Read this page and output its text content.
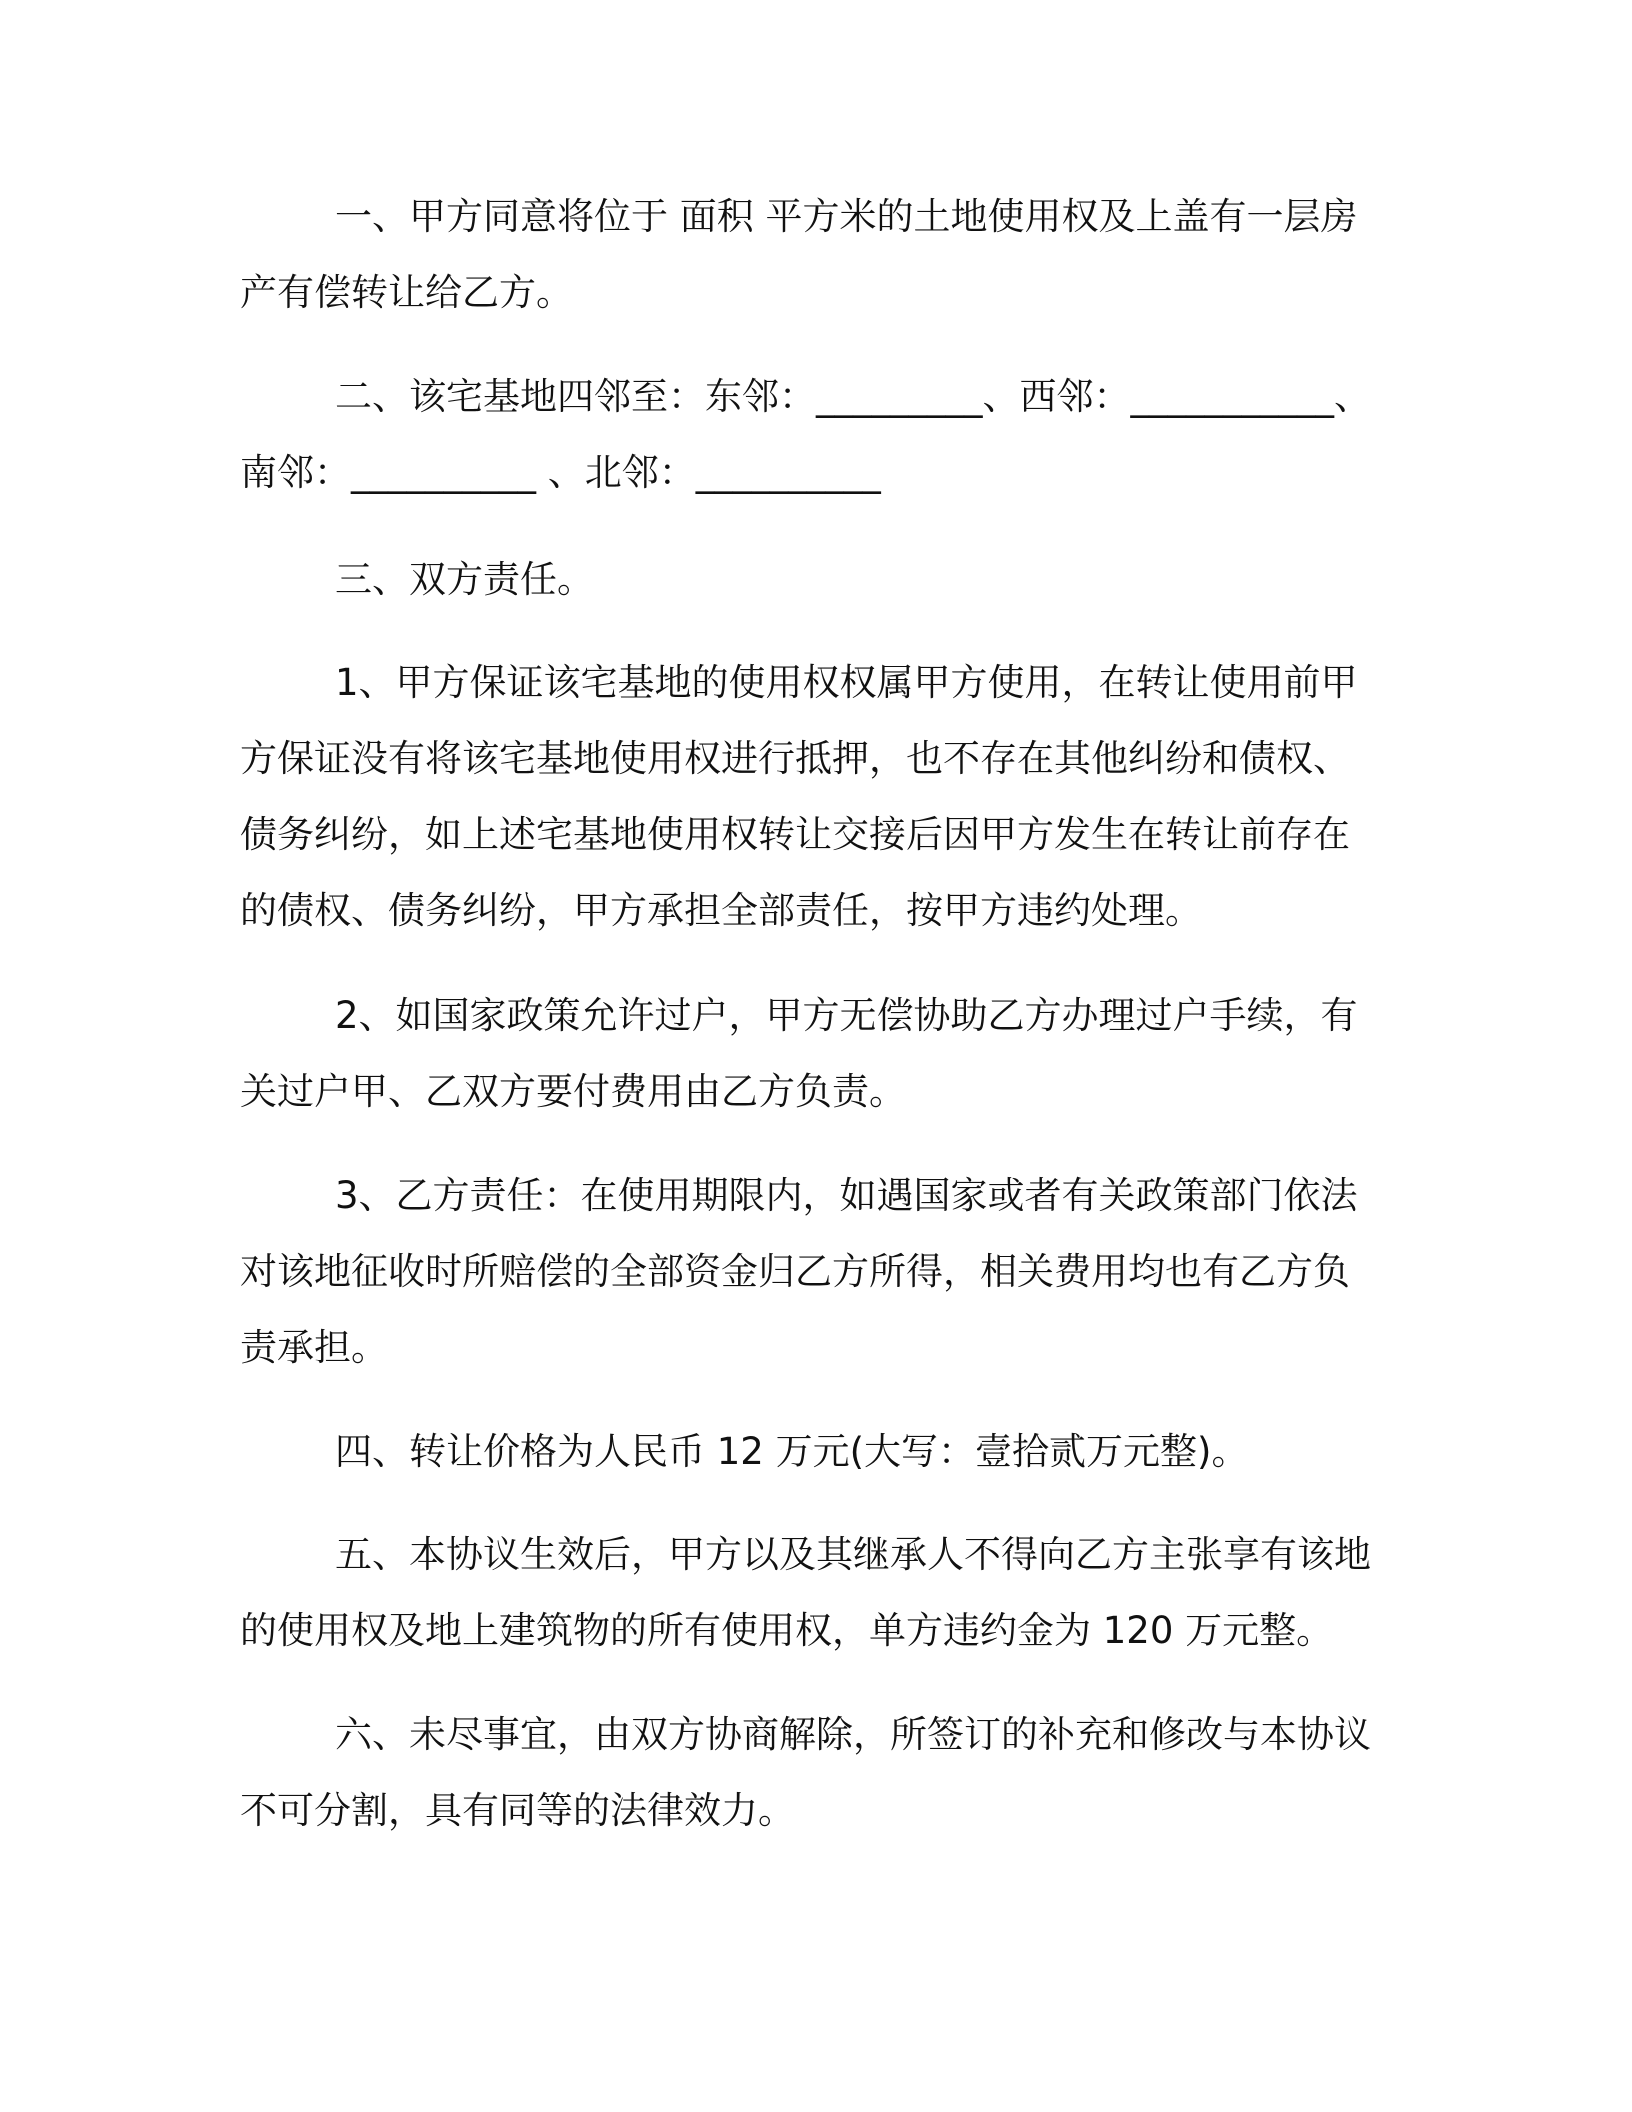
一、甲方同意将位于 面积 平方米的土地使用权及上盖有一层房
产有偿转让给乙方。
二、该宅基地四邻至：东邻：_________、西邻：___________、
南邻：__________ 、北邻：__________
三、双方责任。
1、甲方保证该宅基地的使用权权属甲方使用，在转让使用前甲
方保证没有将该宅基地使用权进行抵押，也不存在其他纠纷和债权、
债务纠纷，如上述宅基地使用权转让交接后因甲方发生在转让前存在
的债权、债务纠纷，甲方承担全部责任，按甲方违约处理。
2、如国家政策允许过户，甲方无偿协助乙方办理过户手续，有
关过户甲、乙双方要付费用由乙方负责。
3、乙方责任：在使用期限内，如遇国家或者有关政策部门依法
对该地征收时所赔偿的全部资金归乙方所得，相关费用均也有乙方负
责承担。
四、转让价格为人民币 12 万元(大写：壹拾贰万元整)。
五、本协议生效后，甲方以及其继承人不得向乙方主张享有该地
的使用权及地上建筑物的所有使用权，单方违约金为 120 万元整。
六、未尽事宜，由双方协商解除，所签订的补充和修改与本协议
不可分割，具有同等的法律效力。
